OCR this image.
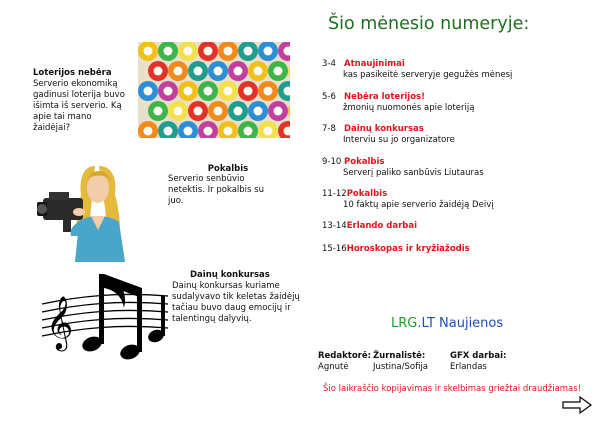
Šio mėnesio numeryje:
Loterijos nebėra
Serverio ekonomiką gadinusi loterija buvo išimta iš serverio. Ką apie tai mano žaidėjai?
Pokalbis
Serverio senbūvio netektis. Ir pokalbis su juo.
Dainų konkursas
Dainų konkursas kuriame sudalyvavo tik keletas žaidėjų tačiau buvo daug emocijų ir talentingų dalyvių.
𝄞
3-4 Atnaujinimai
kas pasikeitė serveryje gegužės mėnesį
5-6 Nebėra loterijos!
žmonių nuomonės apie loteriją
7-8 Dainų konkursas
Interviu su jo organizatore
9-10 Pokalbis
Serverį paliko sanbūvis Liutauras
11-12Pokalbis
10 faktų apie serverio žaidėją Deivį
13-14Erlando darbai
15-16Horoskopas ir kryžiažodis
LRG.LT Naujienos
Redaktorė:
Agnutė
Žurnalistė:
Justina/Sofija
GFX darbai:
Erlandas
Šio laikraščio kopijavimas ir skelbimas griežtai draudžiamas!
